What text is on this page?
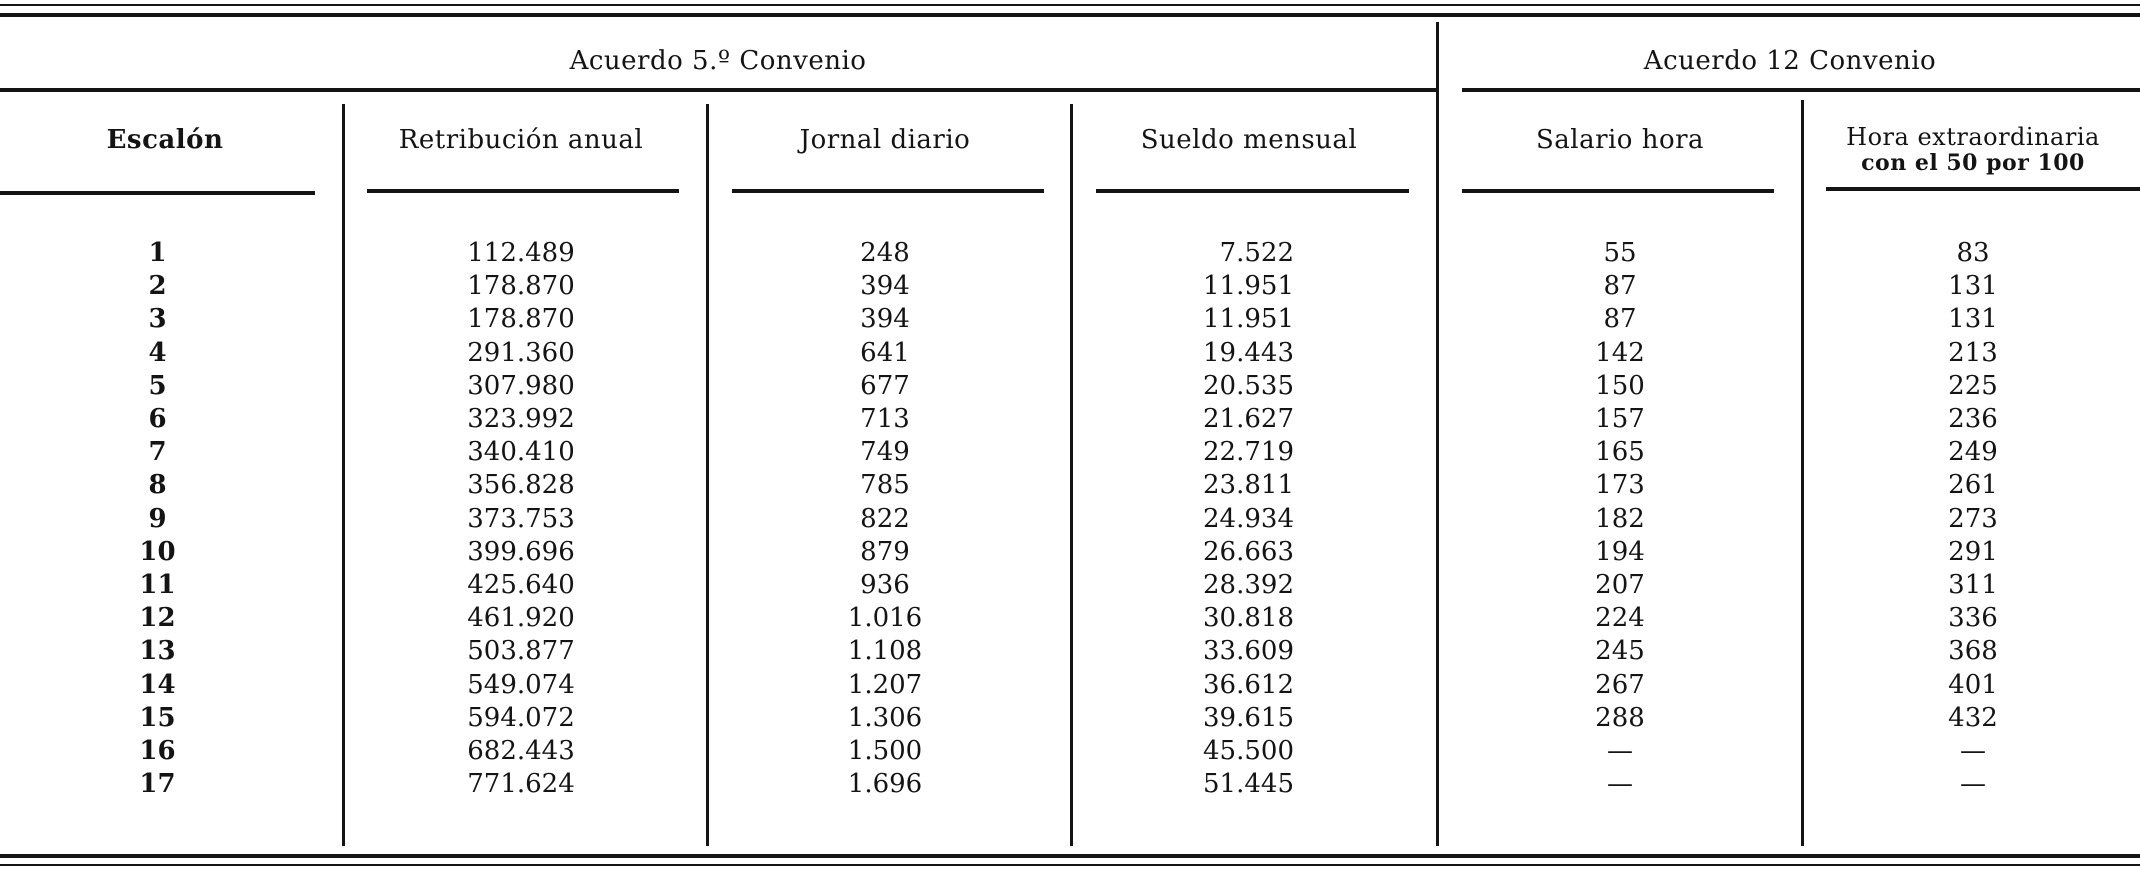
Acuerdo 5.º Convenio	Acuerdo 12 Convenio
Escalón	Retribución anual	Jornal diario	Sueldo mensual	Salario hora	Hora extraordinaria
con el 50 por 100
1	112.489	248	7.522	55	83
2	178.870	394	11.951	87	131
3	178.870	394	11.951	87	131
4	291.360	641	19.443	142	213
5	307.980	677	20.535	150	225
6	323.992	713	21.627	157	236
7	340.410	749	22.719	165	249
8	356.828	785	23.811	173	261
9	373.753	822	24.934	182	273
10	399.696	879	26.663	194	291
11	425.640	936	28.392	207	311
12	461.920	1.016	30.818	224	336
13	503.877	1.108	33.609	245	368
14	549.074	1.207	36.612	267	401
15	594.072	1.306	39.615	288	432
16	682.443	1.500	45.500	—	—
17	771.624	1.696	51.445	—	—
